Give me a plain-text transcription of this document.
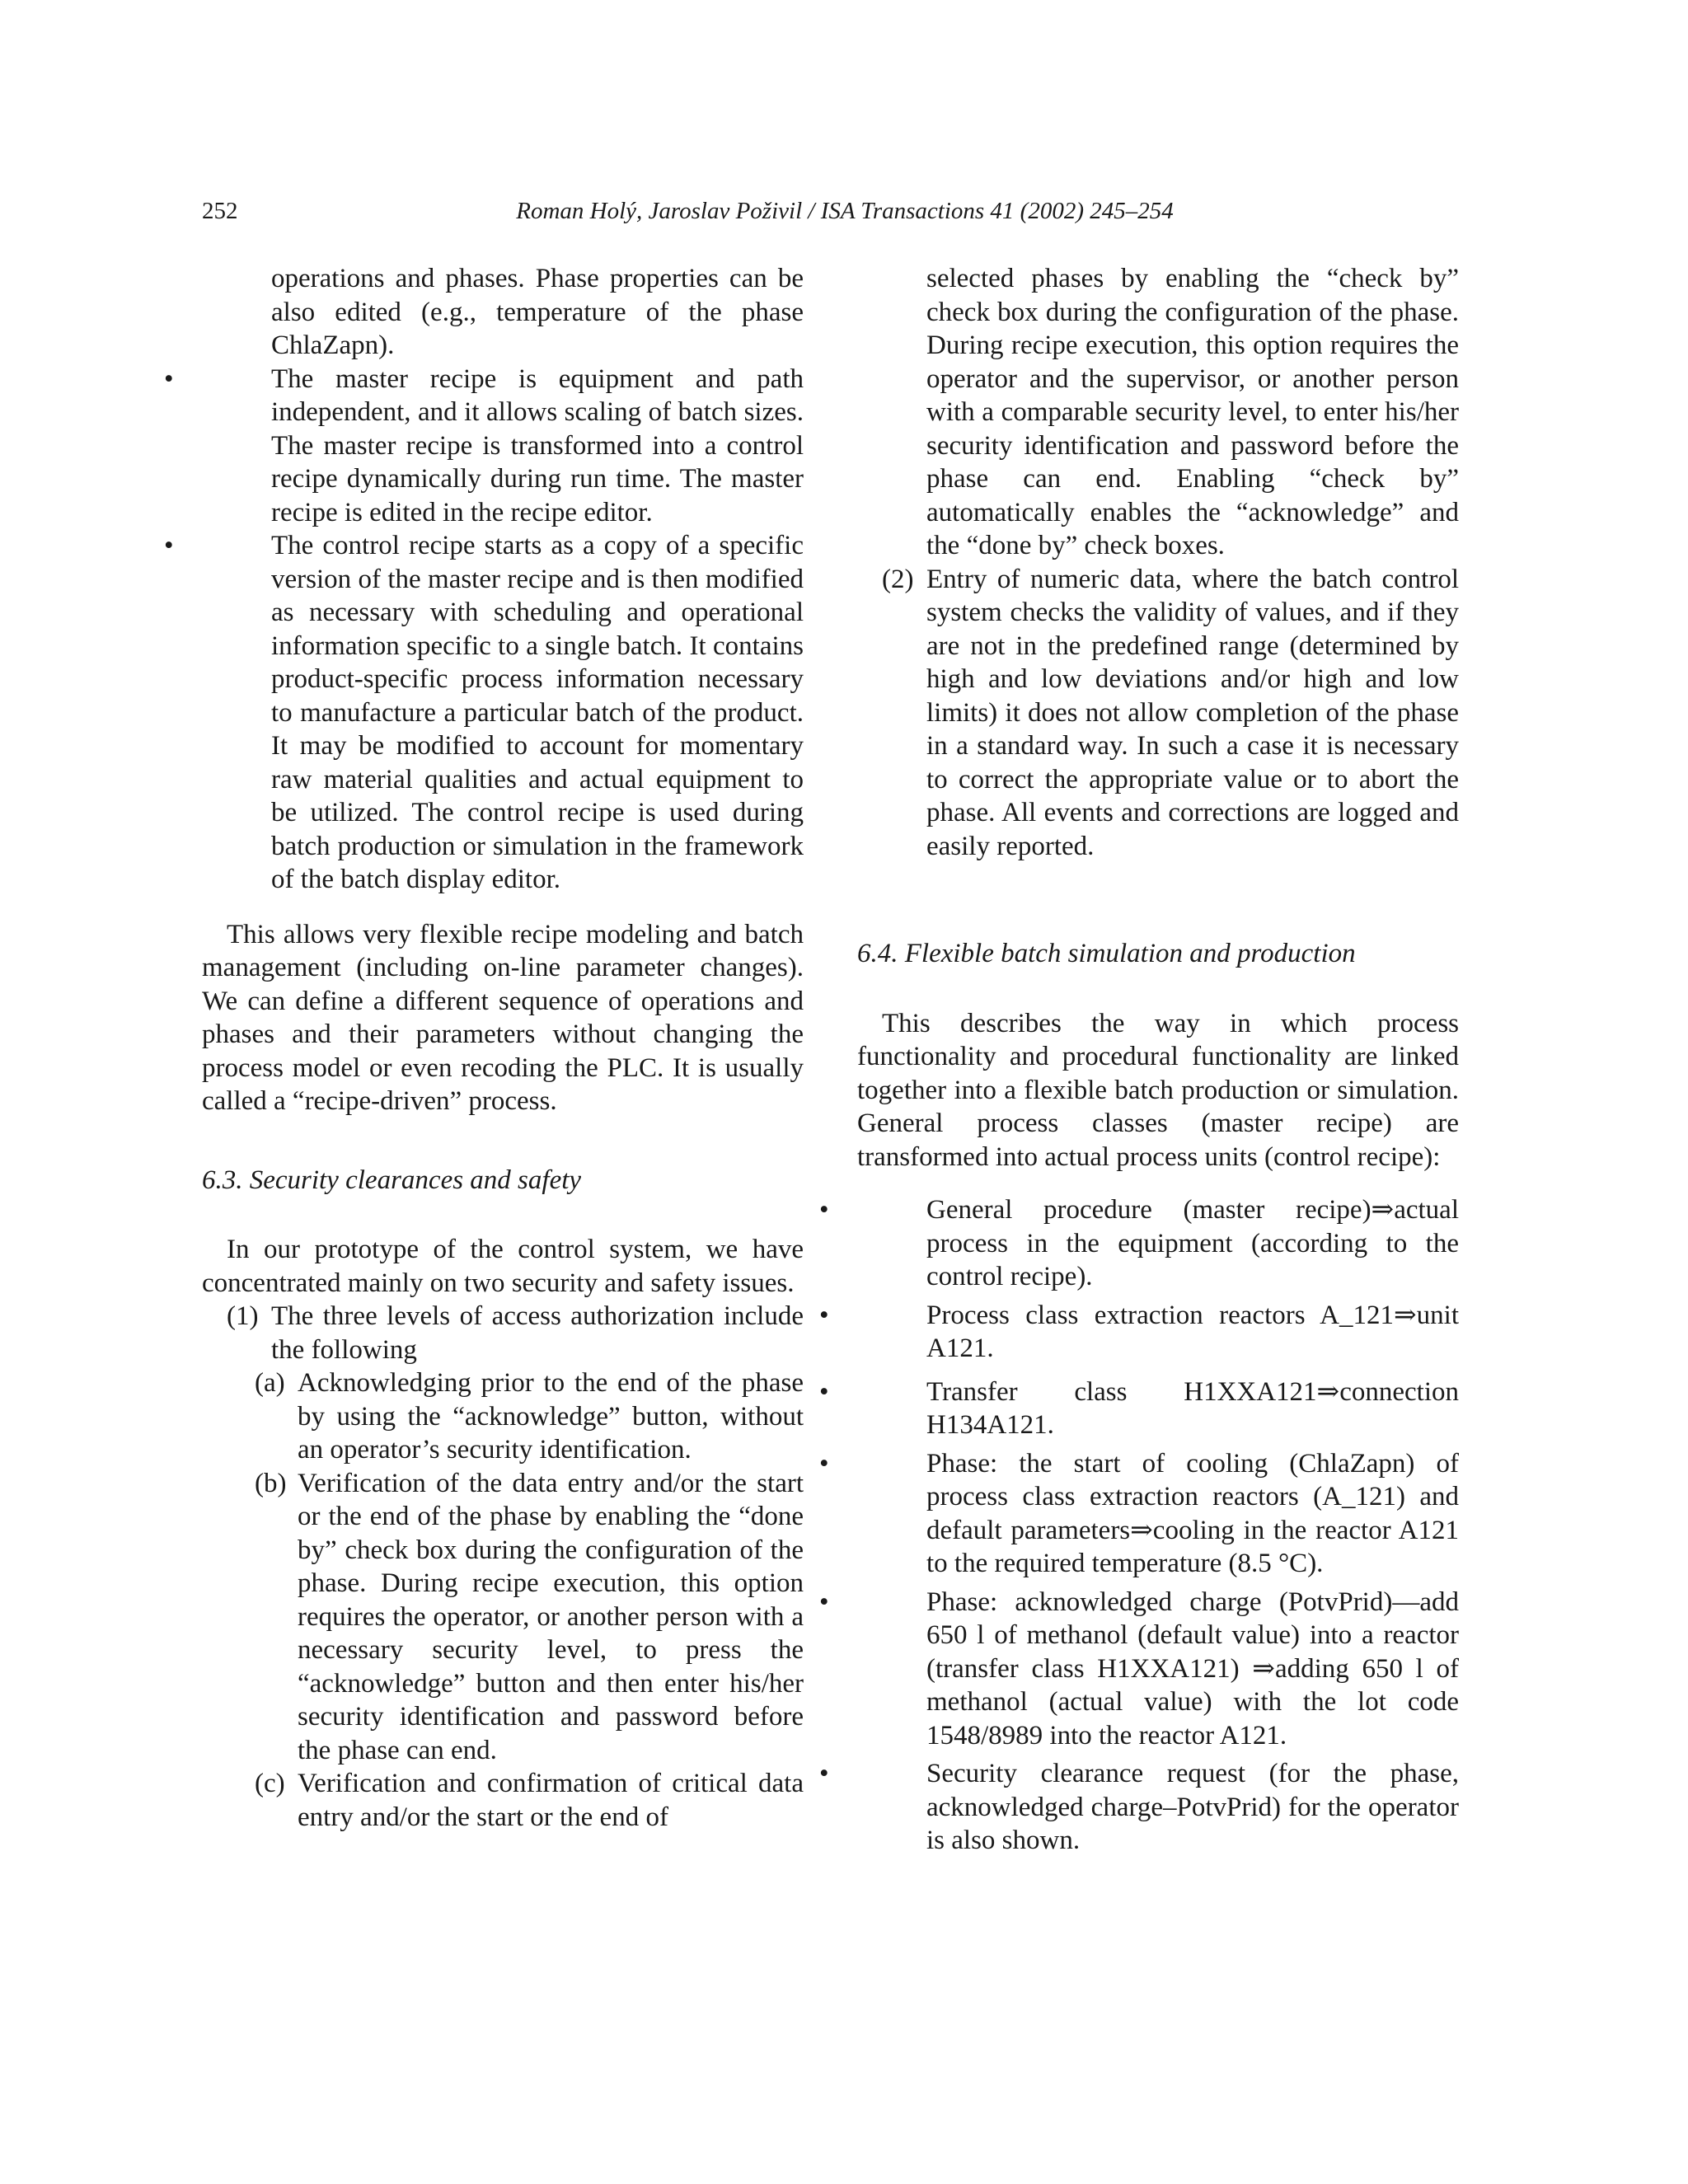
252	Roman Holý, Jaroslav Poživil / ISA Transactions 41 (2002) 245–254

operations and phases. Phase properties can be also edited (e.g., temperature of the phase ChlaZapn).

• The master recipe is equipment and path independent, and it allows scaling of batch sizes. The master recipe is transformed into a control recipe dynamically during run time. The master recipe is edited in the recipe editor.
• The control recipe starts as a copy of a specific version of the master recipe and is then modified as necessary with scheduling and operational information specific to a single batch. It contains product-specific process information necessary to manufacture a particular batch of the product. It may be modified to account for momentary raw material qualities and actual equipment to be utilized. The control recipe is used during batch production or simulation in the framework of the batch display editor.

This allows very flexible recipe modeling and batch management (including on-line parameter changes). We can define a different sequence of operations and phases and their parameters without changing the process model or even recoding the PLC. It is usually called a “recipe-driven” process.

6.3. Security clearances and safety

In our prototype of the control system, we have concentrated mainly on two security and safety issues.

(1) The three levels of access authorization include the following
(a) Acknowledging prior to the end of the phase by using the “acknowledge” button, without an operator’s security identification.
(b) Verification of the data entry and/or the start or the end of the phase by enabling the “done by” check box during the configuration of the phase. During recipe execution, this option requires the operator, or another person with a necessary security level, to press the “acknowledge” button and then enter his/her security identification and password before the phase can end.
(c) Verification and confirmation of critical data entry and/or the start or the end of

selected phases by enabling the “check by” check box during the configuration of the phase. During recipe execution, this option requires the operator and the supervisor, or another person with a comparable security level, to enter his/her security identification and password before the phase can end. Enabling “check by” automatically enables the “acknowledge” and the “done by” check boxes.

(2) Entry of numeric data, where the batch control system checks the validity of values, and if they are not in the predefined range (determined by high and low deviations and/or high and low limits) it does not allow completion of the phase in a standard way. In such a case it is necessary to correct the appropriate value or to abort the phase. All events and corrections are logged and easily reported.

6.4. Flexible batch simulation and production

This describes the way in which process functionality and procedural functionality are linked together into a flexible batch production or simulation. General process classes (master recipe) are transformed into actual process units (control recipe):

• General procedure (master recipe)⇒actual process in the equipment (according to the control recipe).
• Process class extraction reactors A_121⇒unit A121.
• Transfer class H1XXA121⇒connection H134A121.
• Phase: the start of cooling (ChlaZapn) of process class extraction reactors (A_121) and default parameters⇒cooling in the reactor A121 to the required temperature (8.5 °C).
• Phase: acknowledged charge (PotvPrid)—add 650 l of methanol (default value) into a reactor (transfer class H1XXA121) ⇒adding 650 l of methanol (actual value) with the lot code 1548/8989 into the reactor A121.
• Security clearance request (for the phase, acknowledged charge–PotvPrid) for the operator is also shown.
